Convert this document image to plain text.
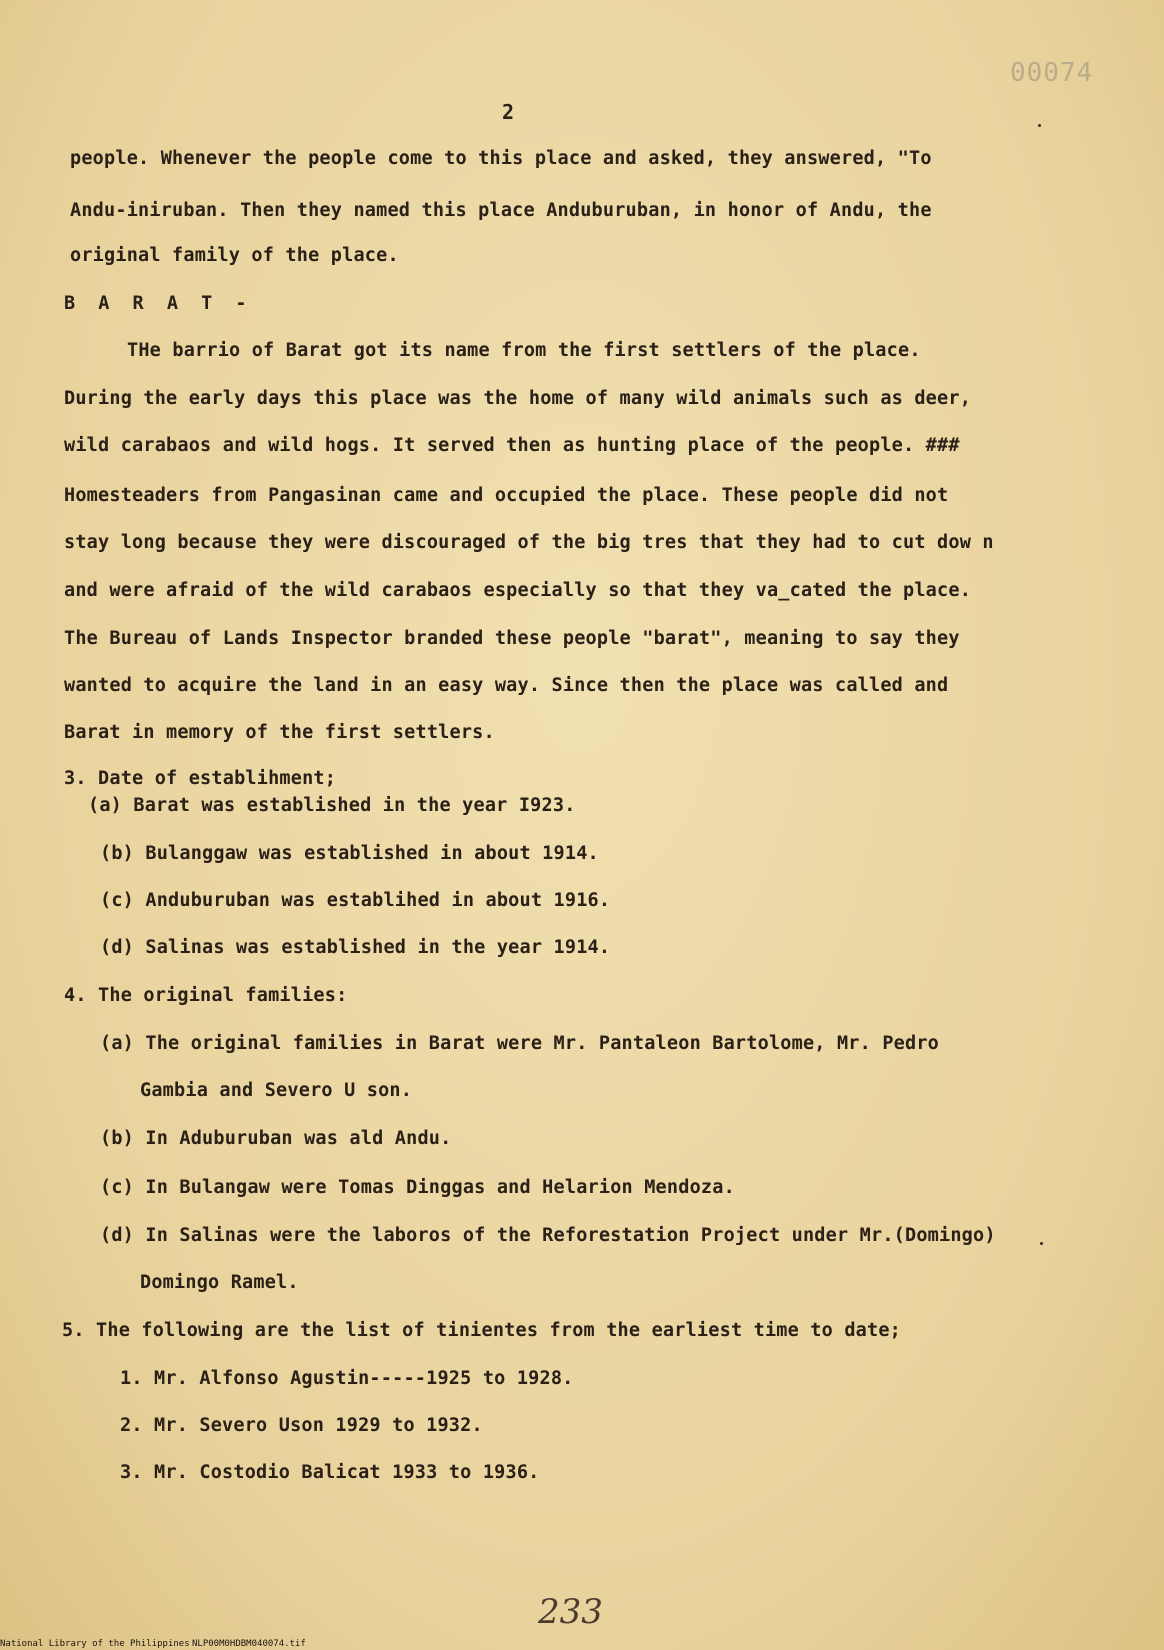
00074
2
people. Whenever the people come to this place and asked, they answered, "To
Andu-iniruban. Then they named this place Anduburuban, in honor of Andu, the
original family of the place.
B A R A T -
THe barrio of Barat got its name from the first settlers of the place.
During the early days this place was the home of many wild animals such as deer,
wild carabaos and wild hogs. It served then as hunting place of the people. ###
Homesteaders from Pangasinan came and occupied the place. These people did not
stay long because they were discouraged of the big tres that they had to cut dow n
and were afraid of the wild carabaos especially so that they va_cated the place.
The Bureau of Lands Inspector branded these people "barat", meaning to say they
wanted to acquire the land in an easy way. Since then the place was called and
Barat in memory of the first settlers.
3. Date of establihment;
(a) Barat was established in the year I923.
(b) Bulanggaw was established in about 1914.
(c) Anduburuban was establihed in about 1916.
(d) Salinas was established in the year 1914.
4. The original families:
(a) The original families in Barat were Mr. Pantaleon Bartolome, Mr. Pedro
Gambia and Severo U son.
(b) In Aduburuban was ald Andu.
(c) In Bulangaw were Tomas Dinggas and Helarion Mendoza.
(d) In Salinas were the laboros of the Reforestation Project under Mr.(Domingo)
Domingo Ramel.
5. The following are the list of tinientes from the earliest time to date;
1. Mr. Alfonso Agustin-----1925 to 1928.
2. Mr. Severo Uson 1929 to 1932.
3. Mr. Costodio Balicat 1933 to 1936.
233
National Library of the Philippines NLP00M0HDBM040074.tif
